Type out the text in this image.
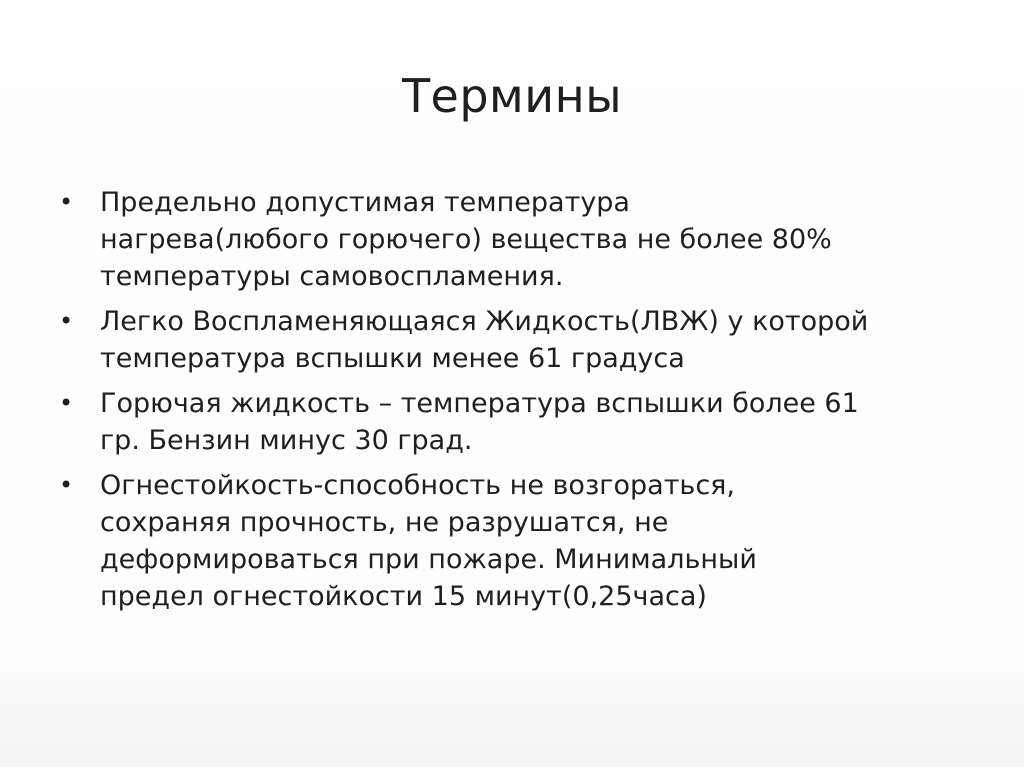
Термины
• Предельно допустимая температура
нагрева(любого горючего) вещества не более 80%
температуры самовоспламения.
• Легко Воспламеняющаяся Жидкость(ЛВЖ) у которой
температура вспышки менее 61 градуса
• Горючая жидкость – температура вспышки более 61
гр. Бензин минус 30 град.
• Огнестойкость-способность не возгораться,
сохраняя прочность, не разрушатся, не
деформироваться при пожаре. Минимальный
предел огнестойкости 15 минут(0,25часа)
